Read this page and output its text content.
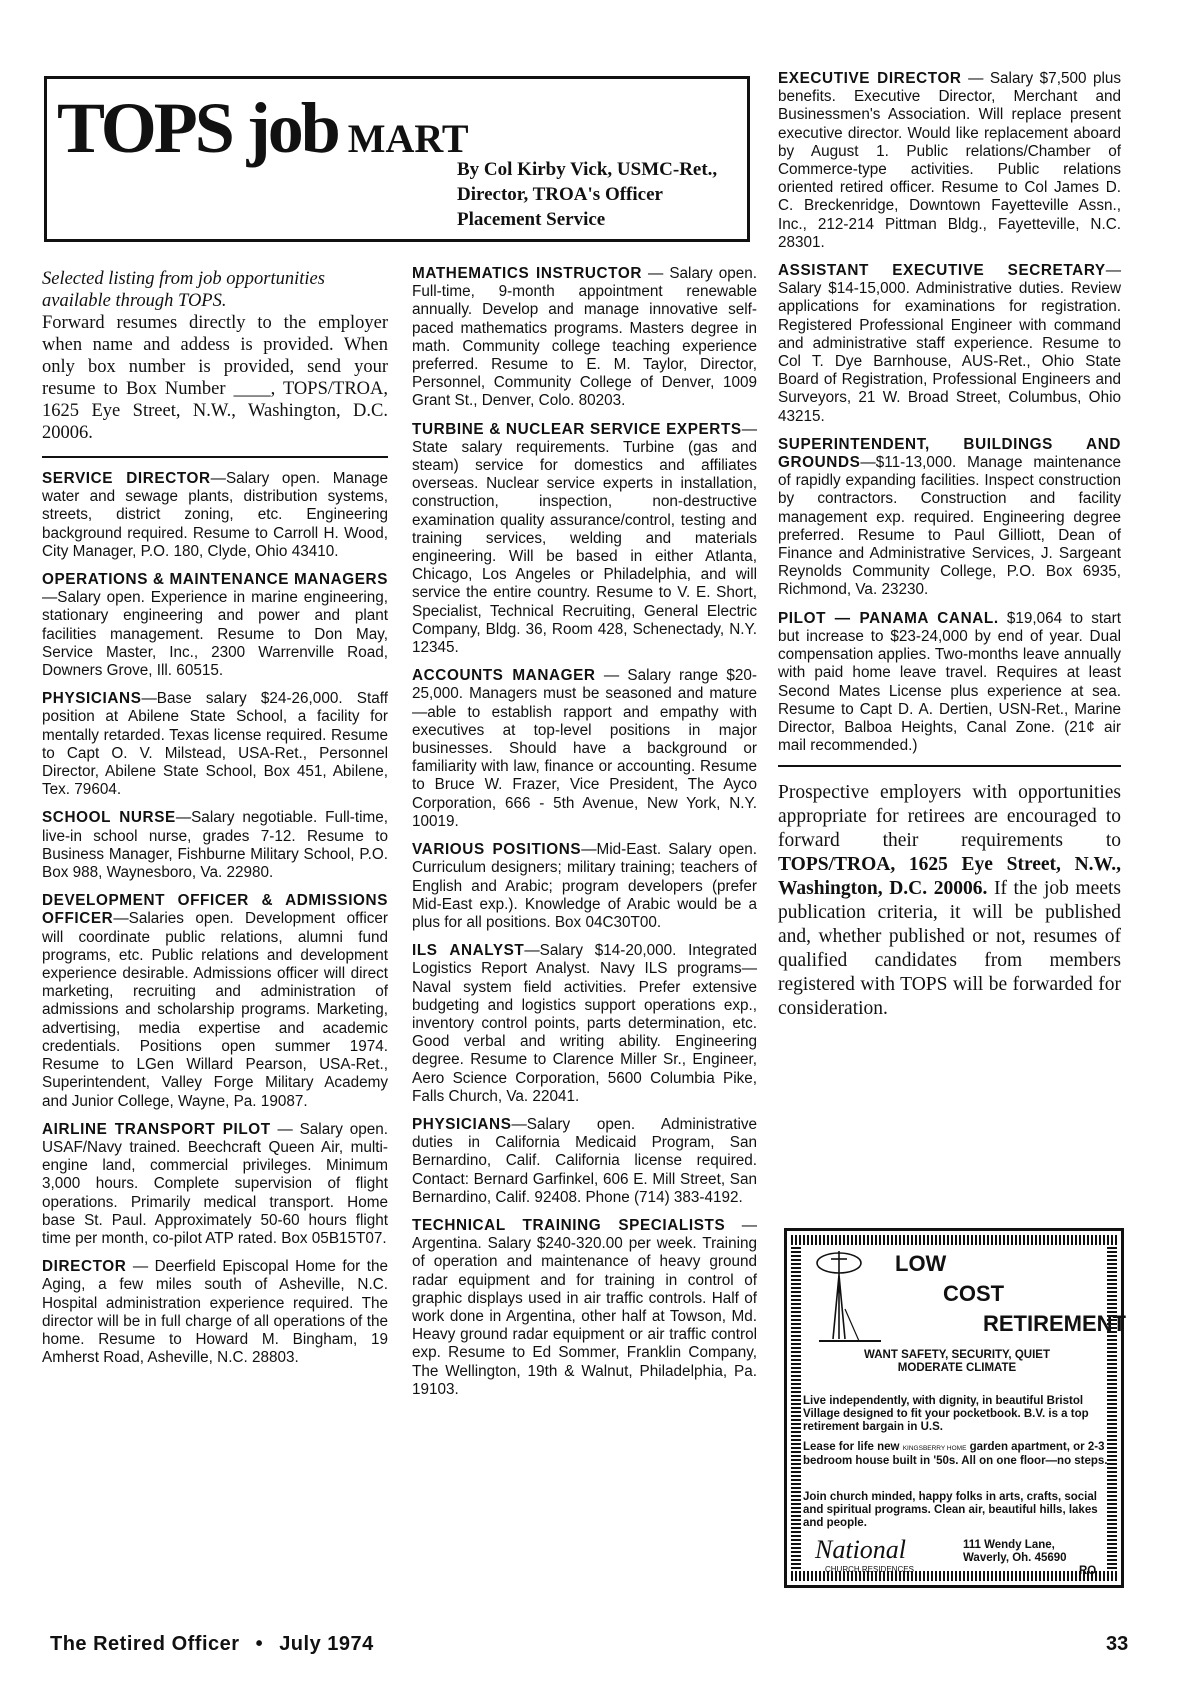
TOPS job MART
By Col Kirby Vick, USMC-Ret.,
Director, TROA's Officer
Placement Service

Selected listing from job opportunities available through TOPS.

Forward resumes directly to the employer when name and addess is provided. When only box number is provided, send your resume to Box Number ____, TOPS/TROA, 1625 Eye Street, N.W., Washington, D.C. 20006.

SERVICE DIRECTOR—Salary open. Manage water and sewage plants, distribution systems, streets, district zoning, etc. Engineering background required. Resume to Carroll H. Wood, City Manager, P.O. 180, Clyde, Ohio 43410.

OPERATIONS & MAINTENANCE MANAGERS—Salary open. Experience in marine engineering, stationary engineering and power and plant facilities management. Resume to Don May, Service Master, Inc., 2300 Warrenville Road, Downers Grove, Ill. 60515.

PHYSICIANS—Base salary $24-26,000. Staff position at Abilene State School, a facility for mentally retarded. Texas license required. Resume to Capt O. V. Milstead, USA-Ret., Personnel Director, Abilene State School, Box 451, Abilene, Tex. 79604.

SCHOOL NURSE—Salary negotiable. Full-time, live-in school nurse, grades 7-12. Resume to Business Manager, Fishburne Military School, P.O. Box 988, Waynesboro, Va. 22980.

DEVELOPMENT OFFICER & ADMISSIONS OFFICER—Salaries open. Development officer will coordinate public relations, alumni fund programs, etc. Public relations and development experience desirable. Admissions officer will direct marketing, recruiting and administration of admissions and scholarship programs. Marketing, advertising, media expertise and academic credentials. Positions open summer 1974. Resume to LGen Willard Pearson, USA-Ret., Superintendent, Valley Forge Military Academy and Junior College, Wayne, Pa. 19087.

AIRLINE TRANSPORT PILOT — Salary open. USAF/Navy trained. Beechcraft Queen Air, multi-engine land, commercial privileges. Minimum 3,000 hours. Complete supervision of flight operations. Primarily medical transport. Home base St. Paul. Approximately 50-60 hours flight time per month, co-pilot ATP rated. Box 05B15T07.

DIRECTOR — Deerfield Episcopal Home for the Aging, a few miles south of Asheville, N.C. Hospital administration experience required. The director will be in full charge of all operations of the home. Resume to Howard M. Bingham, 19 Amherst Road, Asheville, N.C. 28803.

MATHEMATICS INSTRUCTOR — Salary open. Full-time, 9-month appointment renewable annually. Develop and manage innovative self-paced mathematics programs. Masters degree in math. Community college teaching experience preferred. Resume to E. M. Taylor, Director, Personnel, Community College of Denver, 1009 Grant St., Denver, Colo. 80203.

TURBINE & NUCLEAR SERVICE EXPERTS—State salary requirements. Turbine (gas and steam) service for domestics and affiliates overseas. Nuclear service experts in installation, construction, inspection, non-destructive examination quality assurance/control, testing and training services, welding and materials engineering. Will be based in either Atlanta, Chicago, Los Angeles or Philadelphia, and will service the entire country. Resume to V. E. Short, Specialist, Technical Recruiting, General Electric Company, Bldg. 36, Room 428, Schenectady, N.Y. 12345.

ACCOUNTS MANAGER — Salary range $20-25,000. Managers must be seasoned and mature—able to establish rapport and empathy with executives at top-level positions in major businesses. Should have a background or familiarity with law, finance or accounting. Resume to Bruce W. Frazer, Vice President, The Ayco Corporation, 666 - 5th Avenue, New York, N.Y. 10019.

VARIOUS POSITIONS—Mid-East. Salary open. Curriculum designers; military training; teachers of English and Arabic; program developers (prefer Mid-East exp.). Knowledge of Arabic would be a plus for all positions. Box 04C30T00.

ILS ANALYST—Salary $14-20,000. Integrated Logistics Report Analyst. Navy ILS programs—Naval system field activities. Prefer extensive budgeting and logistics support operations exp., inventory control points, parts determination, etc. Good verbal and writing ability. Engineering degree. Resume to Clarence Miller Sr., Engineer, Aero Science Corporation, 5600 Columbia Pike, Falls Church, Va. 22041.

PHYSICIANS—Salary open. Administrative duties in California Medicaid Program, San Bernardino, Calif. California license required. Contact: Bernard Garfinkel, 606 E. Mill Street, San Bernardino, Calif. 92408. Phone (714) 383-4192.

TECHNICAL TRAINING SPECIALISTS — Argentina. Salary $240-320.00 per week. Training of operation and maintenance of heavy ground radar equipment and for training in control of graphic displays used in air traffic controls. Half of work done in Argentina, other half at Towson, Md. Heavy ground radar equipment or air traffic control exp. Resume to Ed Sommer, Franklin Company, The Wellington, 19th & Walnut, Philadelphia, Pa. 19103.

EXECUTIVE DIRECTOR — Salary $7,500 plus benefits. Executive Director, Merchant and Businessmen's Association. Will replace present executive director. Would like replacement aboard by August 1. Public relations/Chamber of Commerce-type activities. Public relations oriented retired officer. Resume to Col James D. C. Breckenridge, Downtown Fayetteville Assn., Inc., 212-214 Pittman Bldg., Fayetteville, N.C. 28301.

ASSISTANT EXECUTIVE SECRETARY—Salary $14-15,000. Administrative duties. Review applications for examinations for registration. Registered Professional Engineer with command and administrative staff experience. Resume to Col T. Dye Barnhouse, AUS-Ret., Ohio State Board of Registration, Professional Engineers and Surveyors, 21 W. Broad Street, Columbus, Ohio 43215.

SUPERINTENDENT, BUILDINGS AND GROUNDS—$11-13,000. Manage maintenance of rapidly expanding facilities. Inspect construction by contractors. Construction and facility management exp. required. Engineering degree preferred. Resume to Paul Gilliott, Dean of Finance and Administrative Services, J. Sargeant Reynolds Community College, P.O. Box 6935, Richmond, Va. 23230.

PILOT — PANAMA CANAL. $19,064 to start but increase to $23-24,000 by end of year. Dual compensation applies. Two-months leave annually with paid home leave travel. Requires at least Second Mates License plus experience at sea. Resume to Capt D. A. Dertien, USN-Ret., Marine Director, Balboa Heights, Canal Zone. (21¢ air mail recommended.)

Prospective employers with opportunities appropriate for retirees are encouraged to forward their requirements to TOPS/TROA, 1625 Eye Street, N.W., Washington, D.C. 20006. If the job meets publication criteria, it will be published and, whether published or not, resumes of qualified candidates from members registered with TOPS will be forwarded for consideration.

LOW
COST
RETIREMENT
WANT SAFETY, SECURITY, QUIET
MODERATE CLIMATE
Live independently, with dignity, in beautiful Bristol Village designed to fit your pocketbook. B.V. is a top retirement bargain in U.S.
Lease for life new KINGSBERRY HOME garden apartment, or 2-3 bedroom house built in '50s. All on one floor—no steps.
Join church minded, happy folks in arts, crafts, social and spiritual programs. Clean air, beautiful hills, lakes and people.
National
CHURCH RESIDENCES
111 Wendy Lane,
Waverly, Oh. 45690
RO
The Retired Officer • July 1974	33
